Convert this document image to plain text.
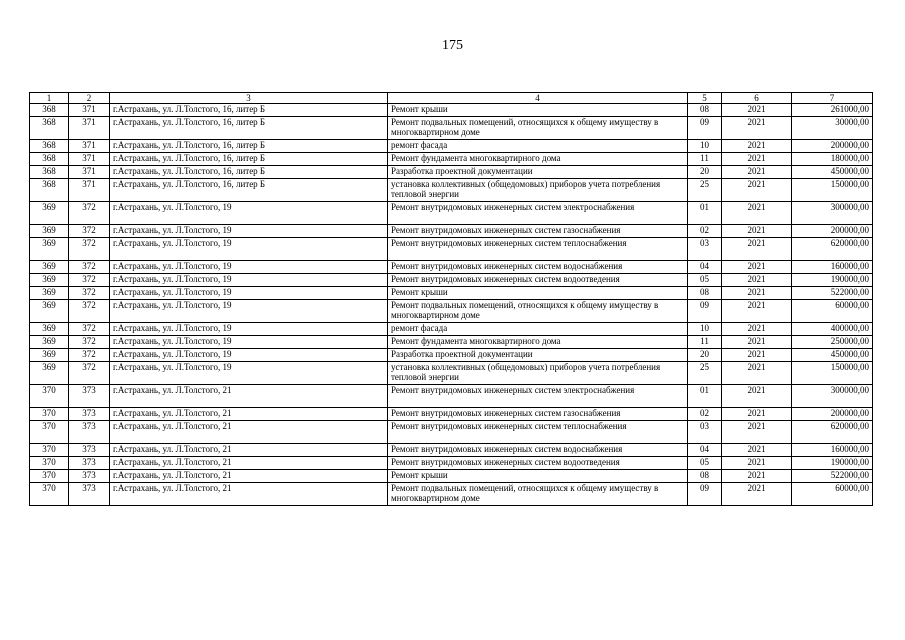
175
1	2	3	4	5	6	7
368	371	г.Астрахань, ул. Л.Толстого, 16, литер Б	Ремонт крыши	08	2021	261000,00
368	371	г.Астрахань, ул. Л.Толстого, 16, литер Б	Ремонт подвальных помещений, относящихся к общему имуществу в многоквартирном доме	09	2021	30000,00
368	371	г.Астрахань, ул. Л.Толстого, 16, литер Б	ремонт фасада	10	2021	200000,00
368	371	г.Астрахань, ул. Л.Толстого, 16, литер Б	Ремонт фундамента многоквартирного дома	11	2021	180000,00
368	371	г.Астрахань, ул. Л.Толстого, 16, литер Б	Разработка проектной документации	20	2021	450000,00
368	371	г.Астрахань, ул. Л.Толстого, 16, литер Б	установка коллективных (общедомовых) приборов учета потребления тепловой энергии	25	2021	150000,00
369	372	г.Астрахань, ул. Л.Толстого, 19	Ремонт внутридомовых инженерных систем электроснабжения	01	2021	300000,00
369	372	г.Астрахань, ул. Л.Толстого, 19	Ремонт внутридомовых инженерных систем газоснабжения	02	2021	200000,00
369	372	г.Астрахань, ул. Л.Толстого, 19	Ремонт внутридомовых инженерных систем теплоснабжения	03	2021	620000,00
369	372	г.Астрахань, ул. Л.Толстого, 19	Ремонт внутридомовых инженерных систем водоснабжения	04	2021	160000,00
369	372	г.Астрахань, ул. Л.Толстого, 19	Ремонт внутридомовых инженерных систем водоотведения	05	2021	190000,00
369	372	г.Астрахань, ул. Л.Толстого, 19	Ремонт крыши	08	2021	522000,00
369	372	г.Астрахань, ул. Л.Толстого, 19	Ремонт подвальных помещений, относящихся к общему имуществу в многоквартирном доме	09	2021	60000,00
369	372	г.Астрахань, ул. Л.Толстого, 19	ремонт фасада	10	2021	400000,00
369	372	г.Астрахань, ул. Л.Толстого, 19	Ремонт фундамента многоквартирного дома	11	2021	250000,00
369	372	г.Астрахань, ул. Л.Толстого, 19	Разработка проектной документации	20	2021	450000,00
369	372	г.Астрахань, ул. Л.Толстого, 19	установка коллективных (общедомовых) приборов учета потребления тепловой энергии	25	2021	150000,00
370	373	г.Астрахань, ул. Л.Толстого, 21	Ремонт внутридомовых инженерных систем электроснабжения	01	2021	300000,00
370	373	г.Астрахань, ул. Л.Толстого, 21	Ремонт внутридомовых инженерных систем газоснабжения	02	2021	200000,00
370	373	г.Астрахань, ул. Л.Толстого, 21	Ремонт внутридомовых инженерных систем теплоснабжения	03	2021	620000,00
370	373	г.Астрахань, ул. Л.Толстого, 21	Ремонт внутридомовых инженерных систем водоснабжения	04	2021	160000,00
370	373	г.Астрахань, ул. Л.Толстого, 21	Ремонт внутридомовых инженерных систем водоотведения	05	2021	190000,00
370	373	г.Астрахань, ул. Л.Толстого, 21	Ремонт крыши	08	2021	522000,00
370	373	г.Астрахань, ул. Л.Толстого, 21	Ремонт подвальных помещений, относящихся к общему имуществу в многоквартирном доме	09	2021	60000,00
